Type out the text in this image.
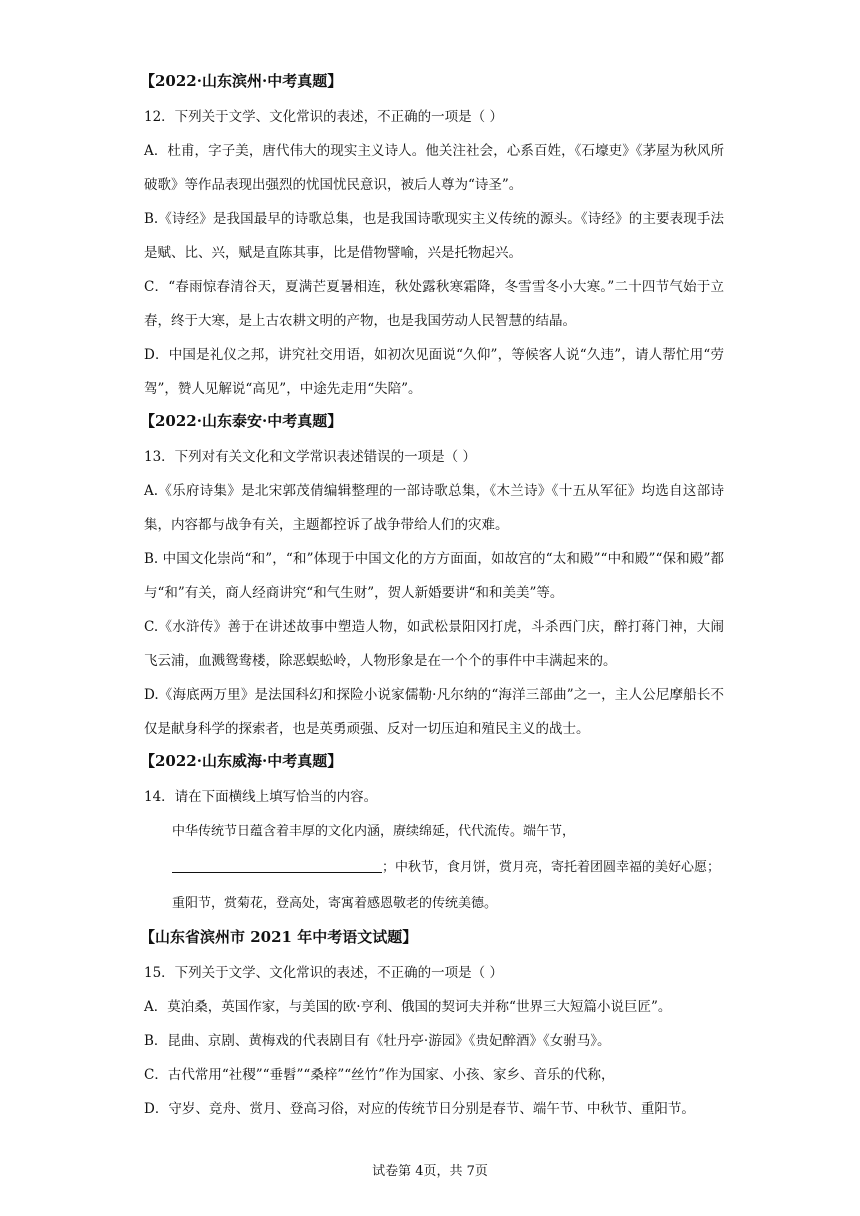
【2022·山东滨州·中考真题】

12．下列关于文学、文化常识的表述，不正确的一项是（ ）

A．杜甫，字子美，唐代伟大的现实主义诗人。他关注社会，心系百姓，《石壕吏》《茅屋为秋风所破歌》等作品表现出强烈的忧国忧民意识，被后人尊为“诗圣”。

B.《诗经》是我国最早的诗歌总集，也是我国诗歌现实主义传统的源头。《诗经》的主要表现手法是赋、比、兴，赋是直陈其事，比是借物譬喻，兴是托物起兴。

C．“春雨惊春清谷天，夏满芒夏暑相连，秋处露秋寒霜降，冬雪雪冬小大寒。”二十四节气始于立春，终于大寒，是上古农耕文明的产物，也是我国劳动人民智慧的结晶。

D．中国是礼仪之邦，讲究社交用语，如初次见面说“久仰”，等候客人说“久违”，请人帮忙用“劳驾”，赞人见解说“高见”，中途先走用“失陪”。

【2022·山东泰安·中考真题】

13．下列对有关文化和文学常识表述错误的一项是（ ）

A.《乐府诗集》是北宋郭茂倩编辑整理的一部诗歌总集，《木兰诗》《十五从军征》均选自这部诗集，内容都与战争有关，主题都控诉了战争带给人们的灾难。

B. 中国文化崇尚“和”，“和”体现于中国文化的方方面面，如故宫的“太和殿”“中和殿”“保和殿”都与“和”有关，商人经商讲究“和气生财”，贺人新婚要讲“和和美美”等。

C.《水浒传》善于在讲述故事中塑造人物，如武松景阳冈打虎，斗杀西门庆，醉打蒋门神，大闹飞云浦，血溅鸳鸯楼，除恶蜈蚣岭，人物形象是在一个个的事件中丰满起来的。

D.《海底两万里》是法国科幻和探险小说家儒勒·凡尔纳的“海洋三部曲”之一，主人公尼摩船长不仅是献身科学的探索者，也是英勇顽强、反对一切压迫和殖民主义的战士。

【2022·山东威海·中考真题】

14．请在下面横线上填写恰当的内容。

中华传统节日蕴含着丰厚的文化内涵，赓续绵延，代代流传。端午节，；中秋节，食月饼，赏月亮，寄托着团圆幸福的美好心愿；重阳节，赏菊花，登高处，寄寓着感恩敬老的传统美德。

【山东省滨州市 2021 年中考语文试题】

15．下列关于文学、文化常识的表述，不正确的一项是（ ）

A．莫泊桑，英国作家，与美国的欧·亨利、俄国的契诃夫并称“世界三大短篇小说巨匠”。

B．昆曲、京剧、黄梅戏的代表剧目有《牡丹亭·游园》《贵妃醉酒》《女驸马》。

C．古代常用“社稷”“垂髫”“桑梓”“丝竹”作为国家、小孩、家乡、音乐的代称，

D．守岁、竞舟、赏月、登高习俗，对应的传统节日分别是春节、端午节、中秋节、重阳节。

试卷第 4页，共 7页
